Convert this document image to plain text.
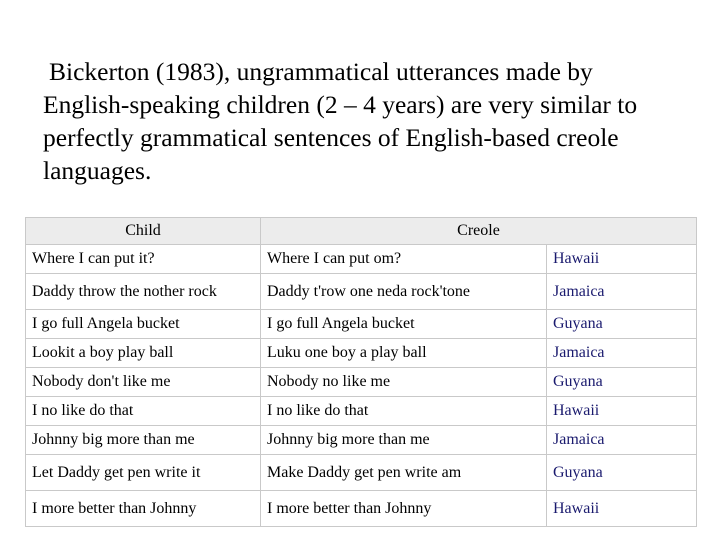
Bickerton (1983), ungrammatical utterances made by
English-speaking children (2 – 4 years) are very similar to
perfectly grammatical sentences of English-based creole
languages.

Child	Creole	
Where I can put it?	Where I can put om?	Hawaii
Daddy throw the nother rock	Daddy t'row one neda rock'tone	Jamaica
I go full Angela bucket	I go full Angela bucket	Guyana
Lookit a boy play ball	Luku one boy a play ball	Jamaica
Nobody don't like me	Nobody no like me	Guyana
I no like do that	I no like do that	Hawaii
Johnny big more than me	Johnny big more than me	Jamaica
Let Daddy get pen write it	Make Daddy get pen write am	Guyana
I more better than Johnny	I more better than Johnny	Hawaii
